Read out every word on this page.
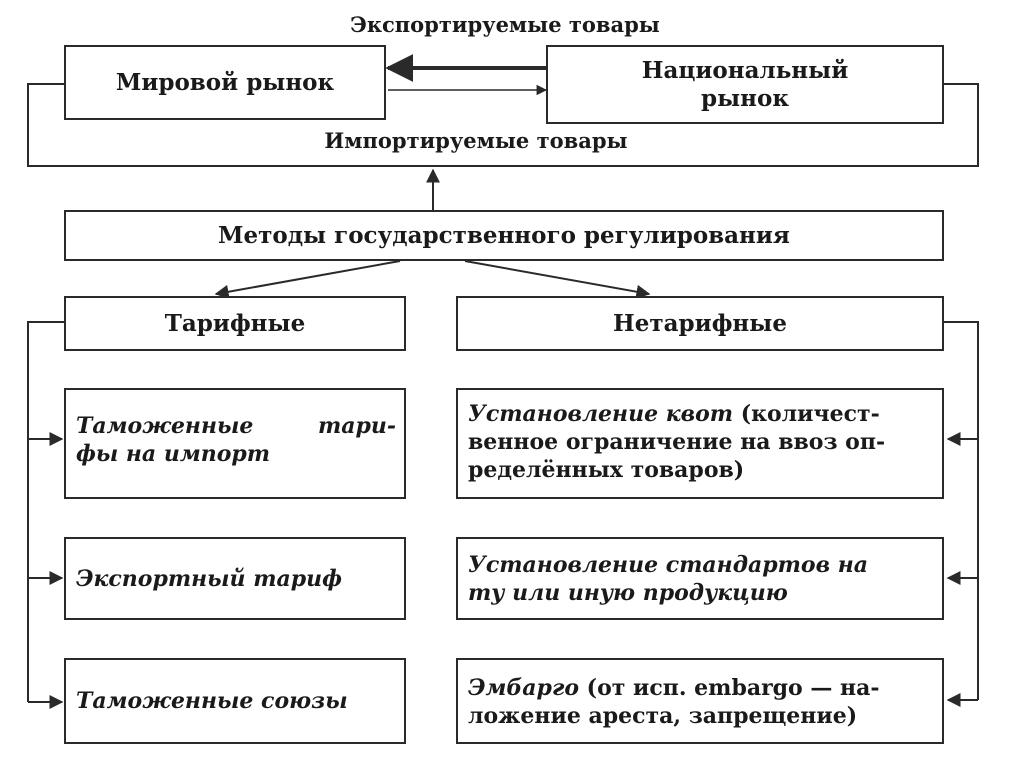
Экспортируемые товары
Мировой рынок	Национальный
рынок
Импортируемые товары
Методы государственного регулирования
Тарифные	Нетарифные
Таможенные	тари-
фы на импорт
Экспортный тариф
Таможенные союзы
Установление квот (количест-
венное ограничение на ввоз оп-
ределённых товаров)
Установление стандартов на
ту или иную продукцию
Эмбарго (от исп. embargo — на-
ложение ареста, запрещение)
